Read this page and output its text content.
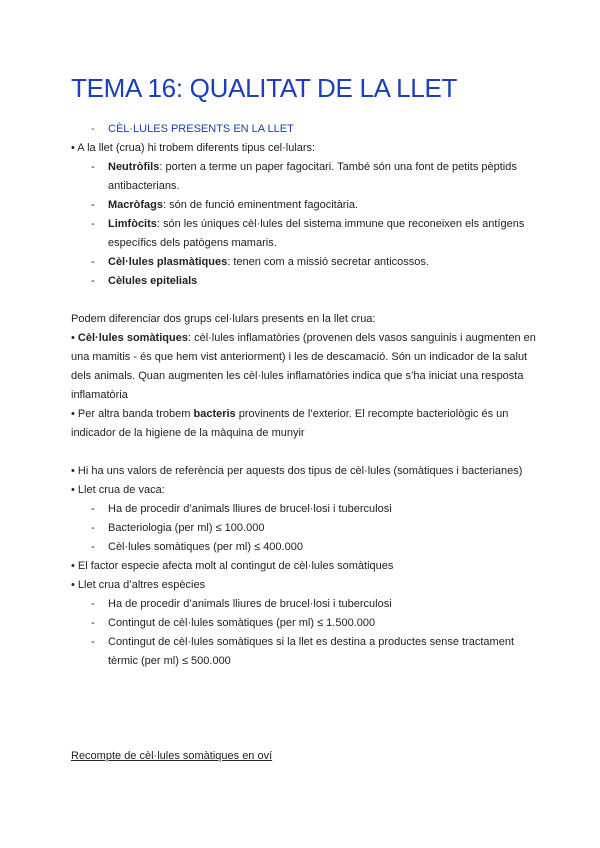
TEMA 16: QUALITAT DE LA LLET
- CÈL·LULES PRESENTS EN LA LLET
• A la llet (crua) hi trobem diferents tipus cel·lulars:
- Neutròfils: porten a terme un paper fagocitari. També són una font de petits pèptids antibacterians.
- Macròfags: són de funció eminentment fagocitària.
- Limfòcits: són les úniques cèl·lules del sistema immune que reconeixen els antígens específics dels patògens mamaris.
- Cèl·lules plasmàtiques: tenen com a missió secretar anticossos.
- Cèlules epitelials
Podem diferenciar dos grups cel·lulars presents en la llet crua:
• Cèl·lules somàtiques: cèl·lules inflamatòries (provenen dels vasos sanguinis i augmenten en una mamitis - és que hem vist anteriorment) i les de descamació. Són un indicador de la salut dels animals. Quan augmenten les cèl·lules inflamatòries indica que s’ha iniciat una resposta inflamatòria
• Per altra banda trobem bacteris provinents de l’exterior. El recompte bacteriològic és un indicador de la higiene de la màquina de munyir
• Hi ha uns valors de referència per aquests dos tipus de cèl·lules (somàtiques i bacterianes)
• Llet crua de vaca:
- Ha de procedir d’animals lliures de brucel·losi i tuberculosi
- Bacteriologia (per ml) ≤ 100.000
- Cèl·lules somàtiques (per ml) ≤ 400.000
• El factor especie afecta molt al contingut de cèl·lules somàtiques
• Llet crua d’altres espècies
- Ha de procedir d’animals lliures de brucel·losi i tuberculosi
- Contingut de cèl·lules somàtiques (per ml) ≤ 1.500.000
- Contingut de cèl·lules somàtiques si la llet es destina a productes sense tractament tèrmic (per ml) ≤ 500.000
Recompte de cèl·lules somàtiques en oví
